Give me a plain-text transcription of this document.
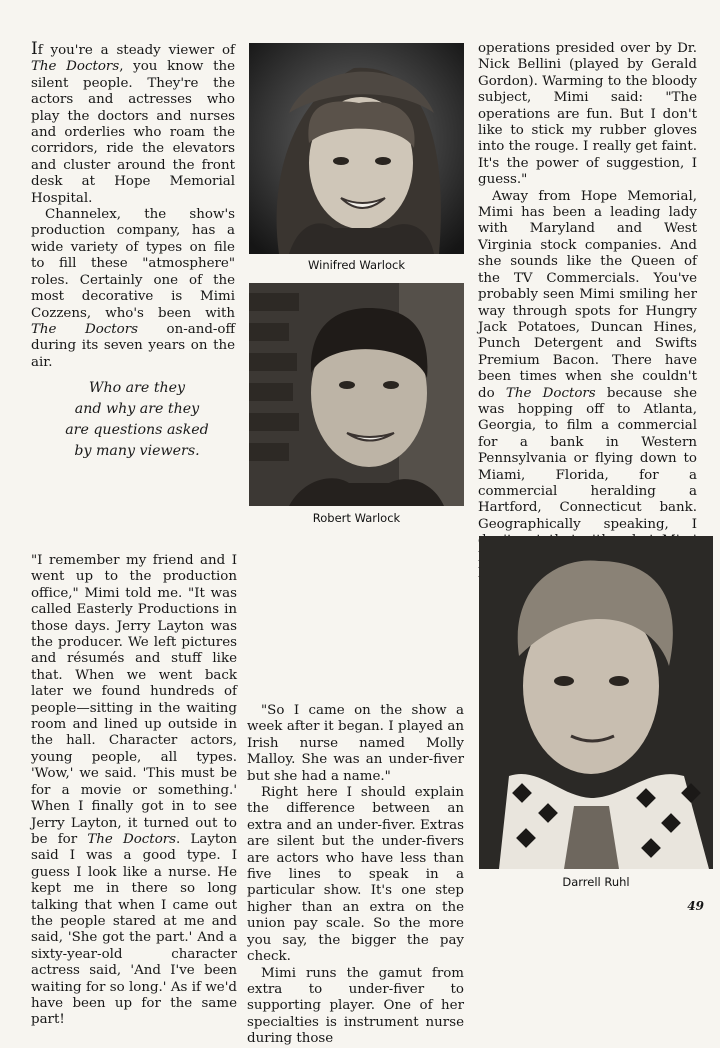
If you're a steady viewer of The Doctors, you know the silent people. They're the actors and actresses who play the doctors and nurses and orderlies who roam the corridors, ride the elevators and cluster around the front desk at Hope Memorial Hospital.

Channelex, the show's production company, has a wide variety of types on file to fill these "atmosphere" roles. Certainly one of the most decorative is Mimi Cozzens, who's been with The Doctors on-and-off during its seven years on the air.

Who are they
and why are they
are questions asked
by many viewers.
Winifred Warlock
Robert Warlock

operations presided over by Dr. Nick Bellini (played by Gerald Gordon). Warming to the bloody subject, Mimi said: "The operations are fun. But I don't like to stick my rubber gloves into the rouge. I really get faint. It's the power of suggestion, I guess."

Away from Hope Memorial, Mimi has been a leading lady with Maryland and West Virginia stock companies. And she sounds like the Queen of the TV Commercials. You've probably seen Mimi smiling her way through spots for Hungry Jack Potatoes, Duncan Hines, Punch Detergent and Swifts Premium Bacon. There have been times when she couldn't do The Doctors because she was hopping off to Atlanta, Georgia, to film a commercial for a bank in Western Pennsylvania or flying down to Miami, Florida, for a commercial heralding a Hartford, Connecticut bank. Geographically speaking, I

"I remember my friend and I went up to the production office," Mimi told me. "It was called Easterly Productions in those days. Jerry Layton was the producer. We left pictures and résumés and stuff like that. When we went back later we found hundreds of people—sitting in the waiting room and lined up outside in the hall. Character actors, young people, all types. 'Wow,' we said. 'This must be for a movie or something.' When I finally got in to see Jerry Layton, it turned out to be for The Doctors. Layton said I was a good type. I guess I look like a nurse. He kept me in there so long talking that when I came out the people stared at me and said, 'She got the part.' And a sixty-year-old character actress said, 'And I've been waiting for so long.' As if we'd have been up for the same part!

"So I came on the show a week after it began. I played an Irish nurse named Molly Malloy. She was an under-fiver but she had a name."

Right here I should explain the difference between an extra and an under-fiver. Extras are silent but the under-fivers are actors who have less than five lines to speak in a particular show. It's one step higher than an extra on the union pay scale. So the more you say, the bigger the pay check.

Mimi runs the gamut from extra to under-fiver to supporting player. One of her specialties is instrument nurse during those

Darrell Ruhl
49
